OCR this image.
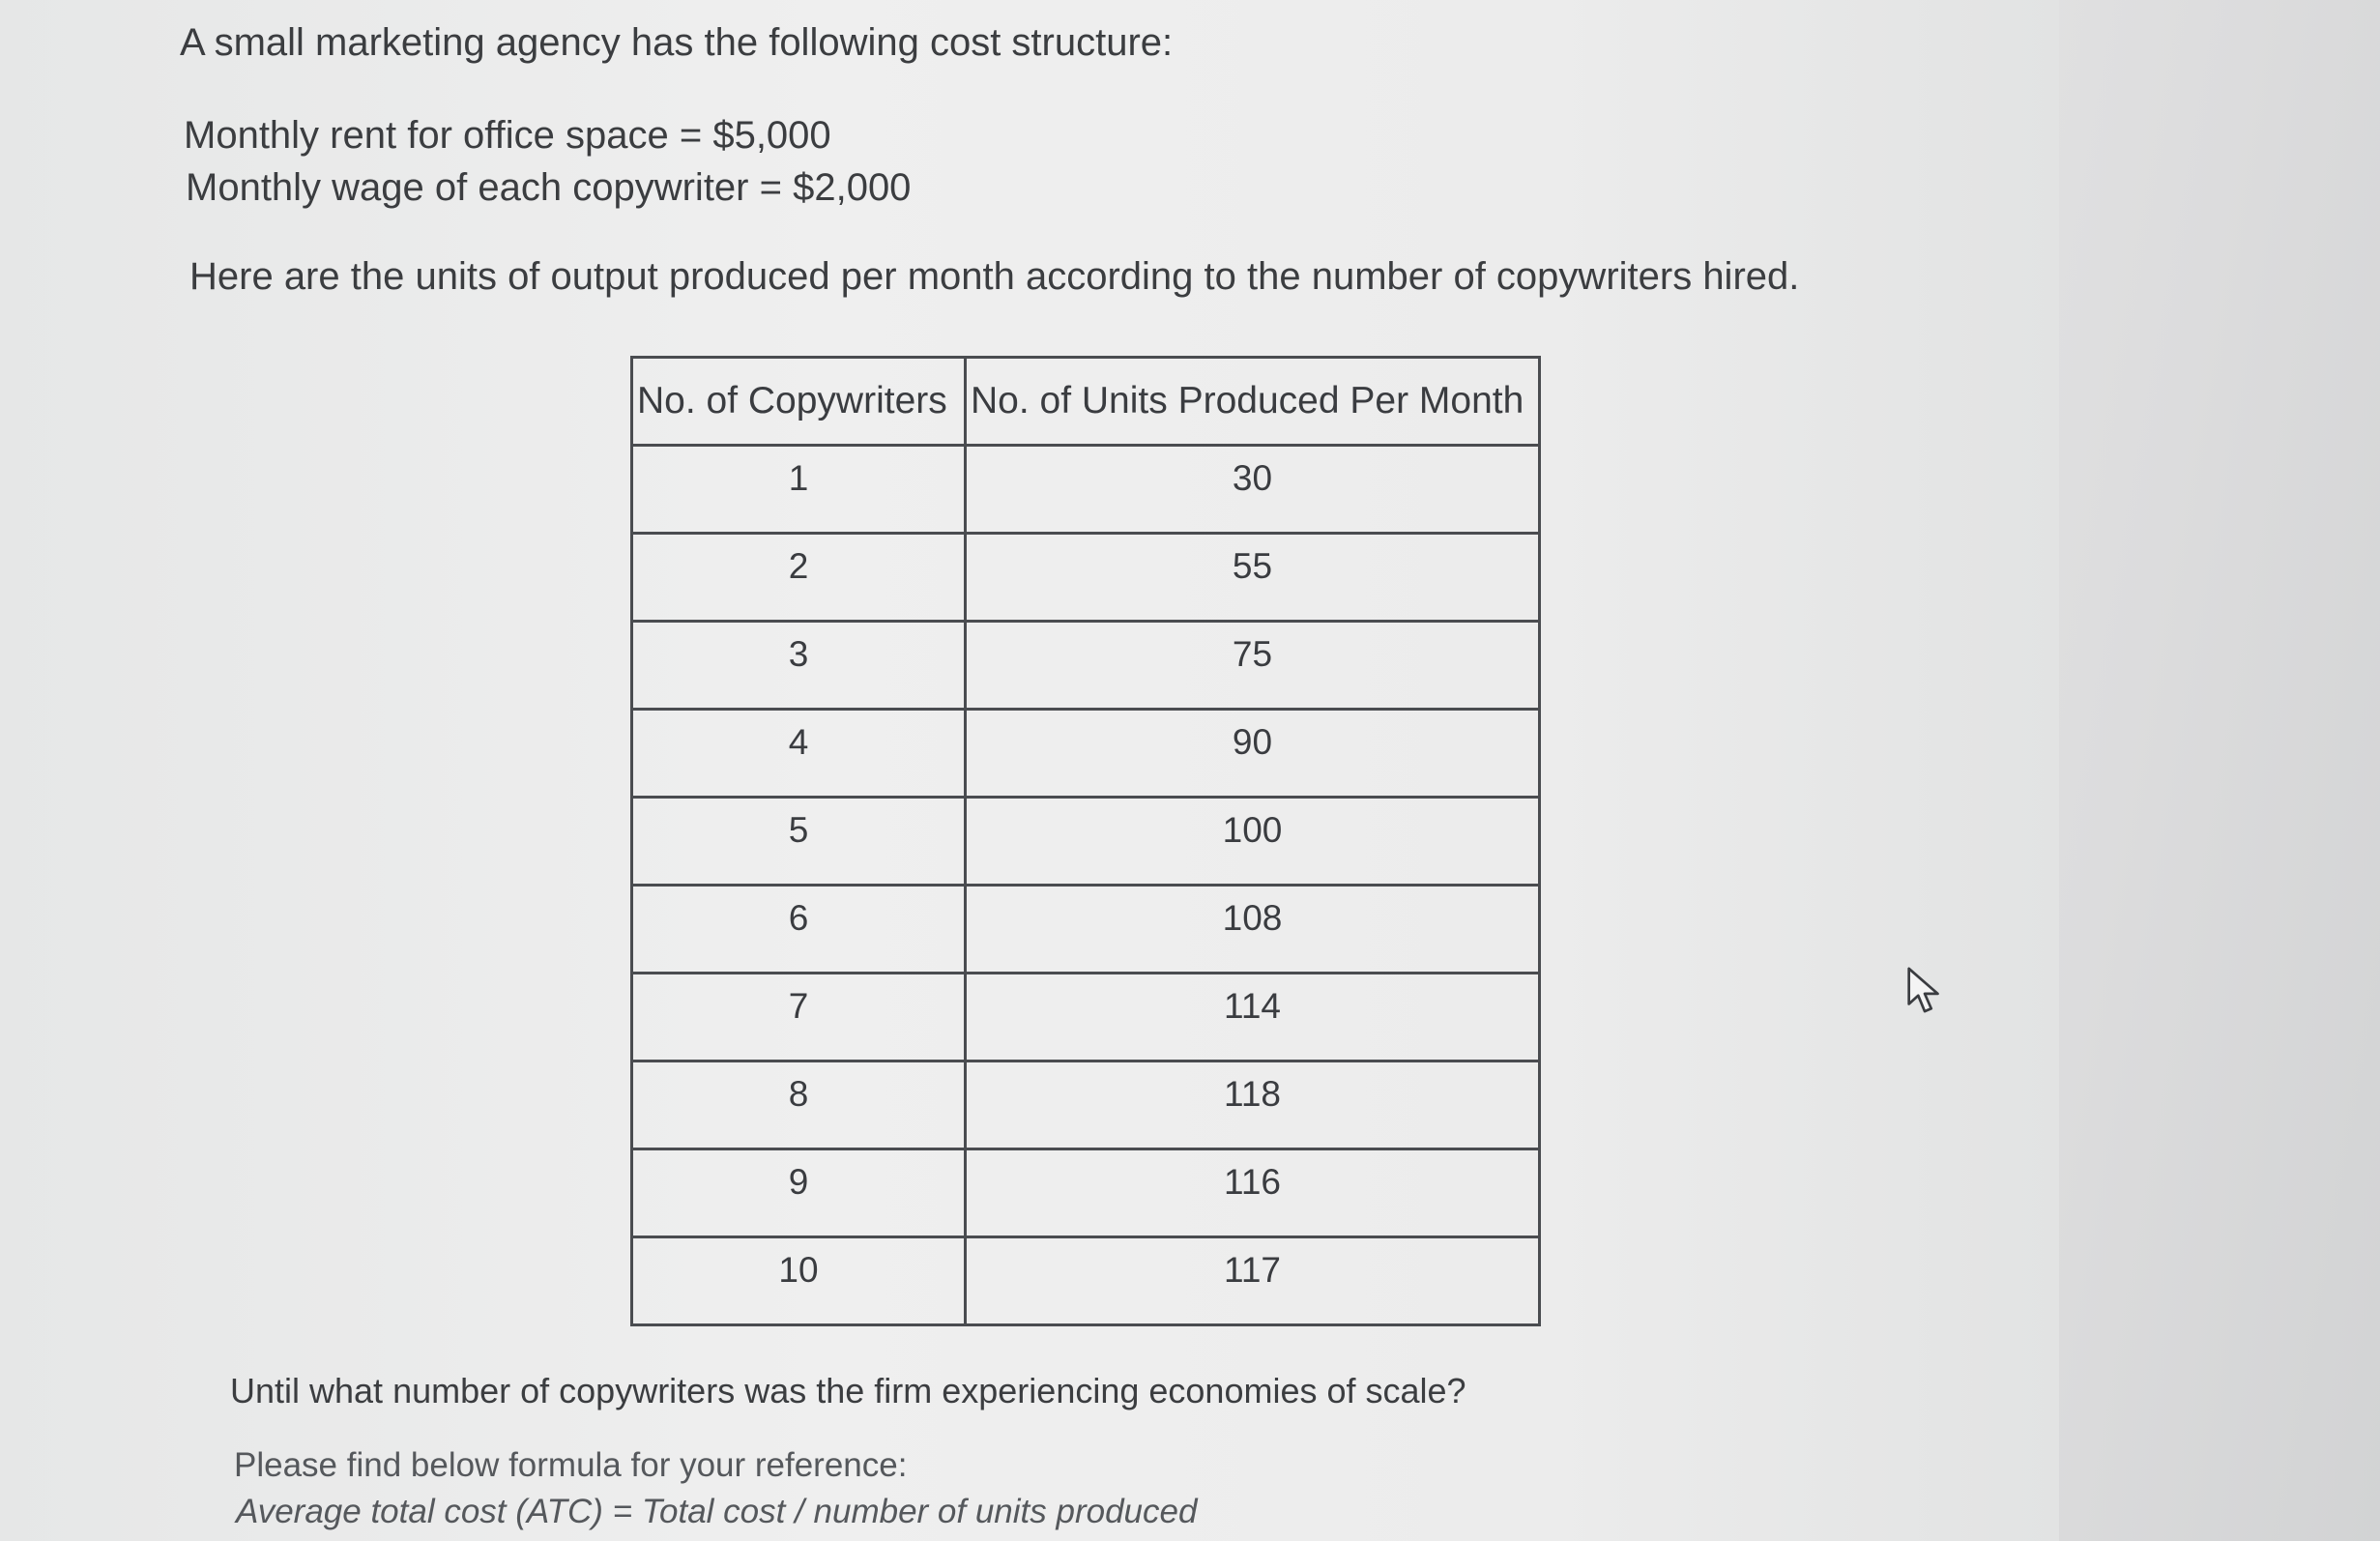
A small marketing agency has the following cost structure:

Monthly rent for office space = $5,000

Monthly wage of each copywriter = $2,000

Here are the units of output produced per month according to the number of copywriters hired.

No. of Copywriters	No. of Units Produced Per Month
1	30
2	55
3	75
4	90
5	100
6	108
7	114
8	118
9	116
10	117

Until what number of copywriters was the firm experiencing economies of scale?

Please find below formula for your reference:

Average total cost (ATC) = Total cost / number of units produced
